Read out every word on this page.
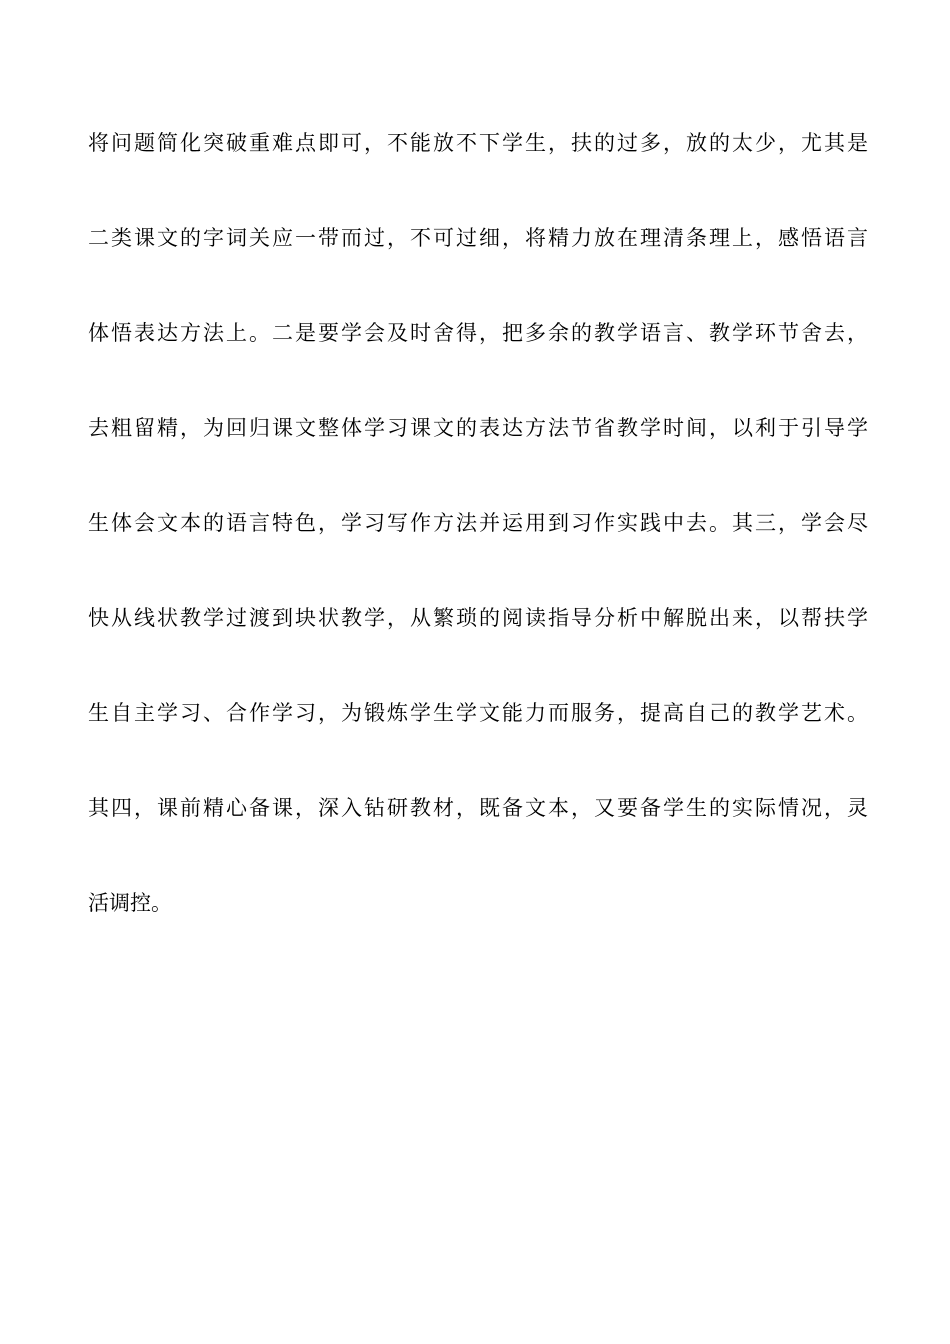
将问题简化突破重难点即可，不能放不下学生，扶的过多，放的太少，尤其是
二类课文的字词关应一带而过，不可过细，将精力放在理清条理上，感悟语言
体悟表达方法上。二是要学会及时舍得，把多余的教学语言、教学环节舍去，
去粗留精，为回归课文整体学习课文的表达方法节省教学时间，以利于引导学
生体会文本的语言特色，学习写作方法并运用到习作实践中去。其三，学会尽
快从线状教学过渡到块状教学，从繁琐的阅读指导分析中解脱出来，以帮扶学
生自主学习、合作学习，为锻炼学生学文能力而服务，提高自己的教学艺术。
其四，课前精心备课，深入钻研教材，既备文本，又要备学生的实际情况，灵
活调控。
